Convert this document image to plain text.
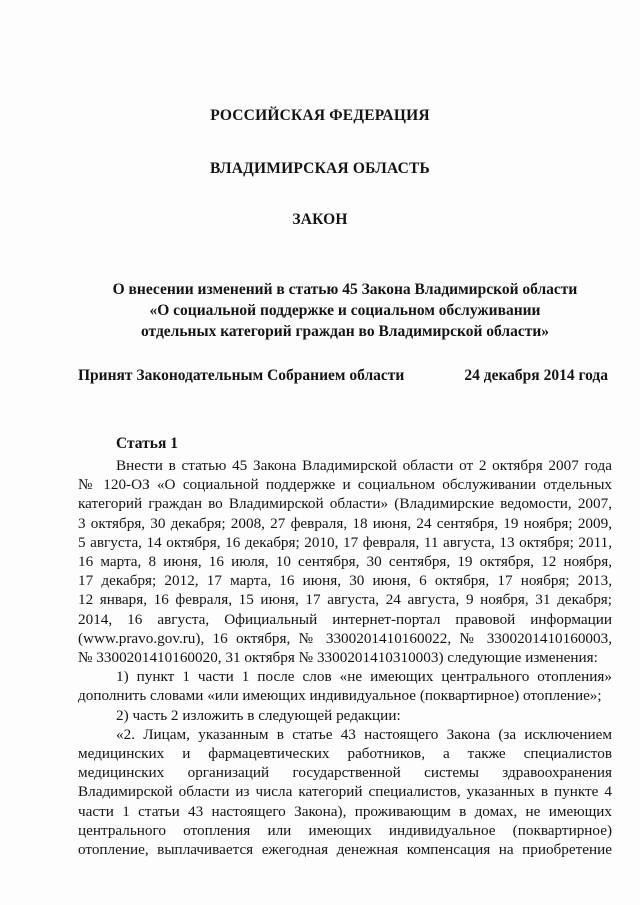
РОССИЙСКАЯ ФЕДЕРАЦИЯ
ВЛАДИМИРСКАЯ ОБЛАСТЬ
ЗАКОН
О внесении изменений в статью 45 Закона Владимирской области
«О социальной поддержке и социальном обслуживании
отдельных категорий граждан во Владимирской области»
Принят Законодательным Собранием области	24 декабря 2014 года
Статья 1
Внести в статью 45 Закона Владимирской области от 2 октября 2007 года
№ 120-ОЗ «О социальной поддержке и социальном обслуживании отдельных
категорий граждан во Владимирской области» (Владимирские ведомости, 2007,
3 октября, 30 декабря; 2008, 27 февраля, 18 июня, 24 сентября, 19 ноября; 2009,
5 августа, 14 октября, 16 декабря; 2010, 17 февраля, 11 августа, 13 октября; 2011,
16 марта, 8 июня, 16 июля, 10 сентября, 30 сентября, 19 октября, 12 ноября,
17 декабря; 2012, 17 марта, 16 июня, 30 июня, 6 октября, 17 ноября; 2013,
12 января, 16 февраля, 15 июня, 17 августа, 24 августа, 9 ноября, 31 декабря;
2014, 16 августа, Официальный интернет-портал правовой информации
(www.pravo.gov.ru), 16 октября, № 3300201410160022, № 3300201410160003,
№ 3300201410160020, 31 октября № 3300201410310003) следующие изменения:
1) пункт 1 части 1 после слов «не имеющих центрального отопления»
дополнить словами «или имеющих индивидуальное (поквартирное) отопление»;
2) часть 2 изложить в следующей редакции:
«2. Лицам, указанным в статье 43 настоящего Закона (за исключением
медицинских и фармацевтических работников, а также специалистов
медицинских организаций государственной системы здравоохранения
Владимирской области из числа категорий специалистов, указанных в пункте 4
части 1 статьи 43 настоящего Закона), проживающим в домах, не имеющих
центрального отопления или имеющих индивидуальное (поквартирное)
отопление, выплачивается ежегодная денежная компенсация на приобретение
